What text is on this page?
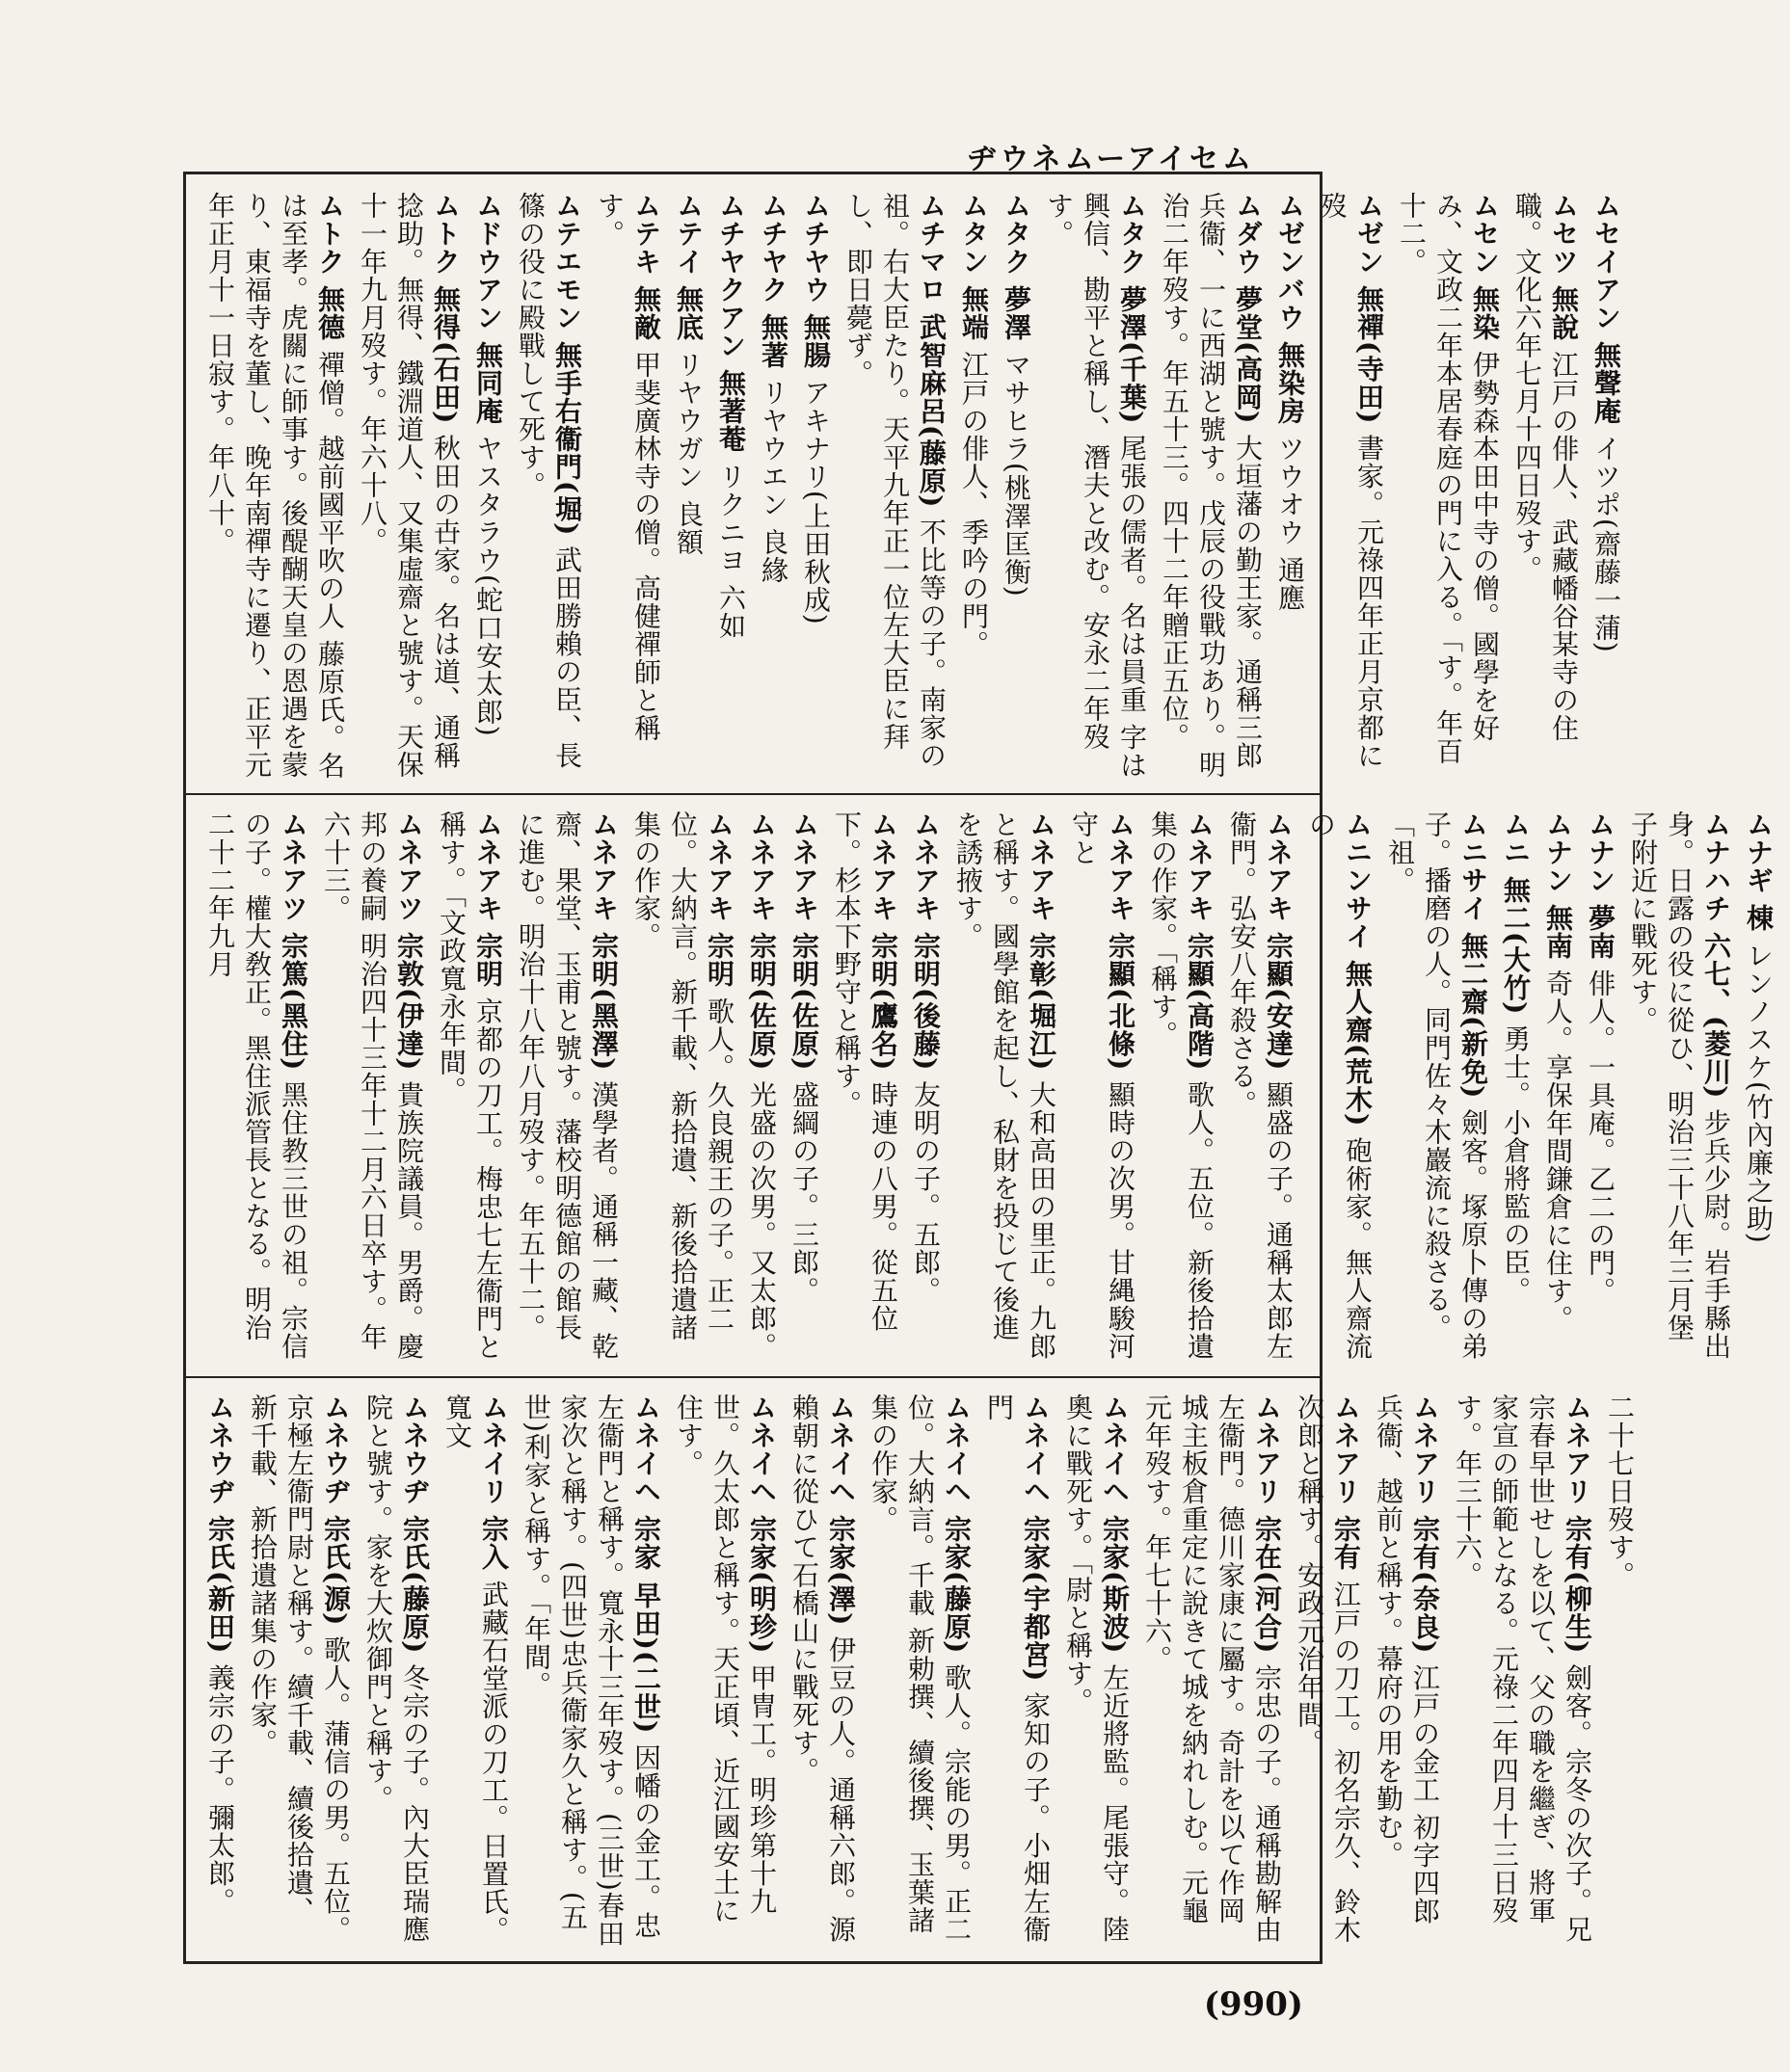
ヂウネムーアイセム
ムセイアン 無聲庵 イツポ(齋藤一蒲)
ムセツ 無說 江戸の俳人、武藏幡谷某寺の住職。文化六年七月十四日歿す。
ムセン 無染 伊勢森本田中寺の僧。國學を好み、文政二年本居春庭の門に入る。「す。年百十二。
ムゼン 無禪(寺田) 書家。元祿四年正月京都に歿
ムゼンバウ 無染房 ツウオウ 通應
ムダウ 夢堂(高岡) 大垣藩の勤王家。通稱三郎兵衞、一に西湖と號す。戊辰の役戰功あり。明治二年歿す。年五十三。四十二年贈正五位。
ムタク 夢澤(千葉) 尾張の儒者。名は員重 字は興信、勘平と稱し、潛夫と改む。安永二年歿す。
ムタク 夢澤 マサヒラ(桃澤匡衡)
ムタン 無端 江戸の俳人、季吟の門。
ムチマロ 武智麻呂(藤原) 不比等の子。南家の祖。右大臣たり。天平九年正一位左大臣に拜し、即日薨ず。
ムチヤウ 無腸 アキナリ(上田秋成)
ムチヤク 無著 リヤウエン 良緣
ムチヤクアン 無著菴 リクニヨ 六如
ムテイ 無底 リヤウガン 良額
ムテキ 無敵 甲斐廣林寺の僧。高健禪師と稱す。
ムテエモン 無手右衞門(堀) 武田勝賴の臣、長篠の役に殿戰して死す。
ムドウアン 無同庵 ヤスタラウ(蛇口安太郎)
ムトク 無得(石田) 秋田の卋家。名は道、通稱捻助。無得、鐵淵道人、又集虛齋と號す。天保十一年九月歿す。年六十八。
ムトク 無德 禪僧。越前國平吹の人 藤原氏。名は至孝。虎關に師事す。後醍醐天皇の恩遇を蒙り、東福寺を董し、晚年南禪寺に遷り、正平元年正月十一日寂す。年八十。
ムナギ 棟 レンノスケ(竹內廉之助)
ムナハチ 六七、(菱川) 步兵少尉。岩手縣出身。日露の役に從ひ、明治三十八年三月堡子附近に戰死す。
ムナン 夢南 俳人。一具庵。乙二の門。
ムナン 無南 奇人。享保年間鎌倉に住す。
ムニ 無二(大竹) 勇士。小倉將監の臣。
ムニサイ 無二齋(新免) 劍客。塚原卜傳の弟子。播磨の人。同門佐々木巖流に殺さる。「祖。
ムニンサイ 無人齋(荒木) 砲術家。無人齋流の
ムネアキ 宗顯(安達) 顯盛の子。通稱太郎左衞門。弘安八年殺さる。
ムネアキ 宗顯(高階) 歌人。五位。新後拾遺集の作家。「稱す。
ムネアキ 宗顯(北條) 顯時の次男。甘縄駿河守と
ムネアキ 宗彰(堀江) 大和高田の里正。九郎と稱す。國學館を起し、私財を投じて後進を誘掖す。
ムネアキ 宗明(後藤) 友明の子。五郎。
ムネアキ 宗明(鷹名) 時連の八男。從五位下。杉本下野守と稱す。
ムネアキ 宗明(佐原) 盛綱の子。三郎。
ムネアキ 宗明(佐原) 光盛の次男。又太郎。
ムネアキ 宗明 歌人。久良親王の子。正二位。大納言。新千載、新拾遺、新後拾遺諸集の作家。
ムネアキ 宗明(黑澤) 漢學者。通稱一藏、乾齋、果堂、玉甫と號す。藩校明德館の館長に進む。明治十八年八月歿す。年五十二。
ムネアキ 宗明 京都の刀工。梅忠七左衞門と稱す。「文政寬永年間。
ムネアツ 宗敦(伊達) 貴族院議員。男爵。慶邦の養嗣 明治四十三年十二月六日卒す。年六十三。
ムネアツ 宗篤(黑住) 黑住教三世の祖。宗信の子。權大敎正。黑住派管長となる。明治二十二年九月
二十七日歿す。
ムネアリ 宗有(柳生) 劍客。宗冬の次子。兄宗春早世せしを以て、父の職を繼ぎ、將軍家宣の師範となる。元祿二年四月十三日歿す。年三十六。
ムネアリ 宗有(奈良) 江戸の金工 初字四郎兵衞、越前と稱す。幕府の用を勤む。
ムネアリ 宗有 江戸の刀工。初名宗久、鈴木次郎と稱す。安政元治年間。
ムネアリ 宗在(河合) 宗忠の子。通稱勘解由左衞門。德川家康に屬す。奇計を以て作岡城主板倉重定に說きて城を納れしむ。元龜元年歿す。年七十六。
ムネイヘ 宗家(斯波) 左近將監。尾張守。陸奧に戰死す。「尉と稱す。
ムネイヘ 宗家(宇都宮) 家知の子。小畑左衞門
ムネイヘ 宗家(藤原) 歌人。宗能の男。正二位。大納言。千載 新勅撰、續後撰、玉葉諸集の作家。
ムネイヘ 宗家(澤) 伊豆の人。通稱六郎。源賴朝に從ひて石橋山に戰死す。
ムネイヘ 宗家(明珍) 甲冑工。明珍第十九世。久太郎と稱す。天正頃、近江國安土に住す。
ムネイヘ 宗家 早田)(二世) 因幡の金工。忠左衞門と稱す。寬永十三年歿す。(三世)春田家次と稱す。(四世)忠兵衞家久と稱す。(五世)利家と稱す。「年間。
ムネイリ 宗入 武藏石堂派の刀工。日置氏。寬文
ムネウヂ 宗氏(藤原) 冬宗の子。內大臣瑞應院と號す。家を大炊御門と稱す。
ムネウヂ 宗氏(源) 歌人。蒲信の男。五位。京極左衞門尉と稱す。續千載、續後拾遺、新千載、新拾遺諸集の作家。
ムネウヂ 宗氏(新田) 義宗の子。彌太郎。
(990)
